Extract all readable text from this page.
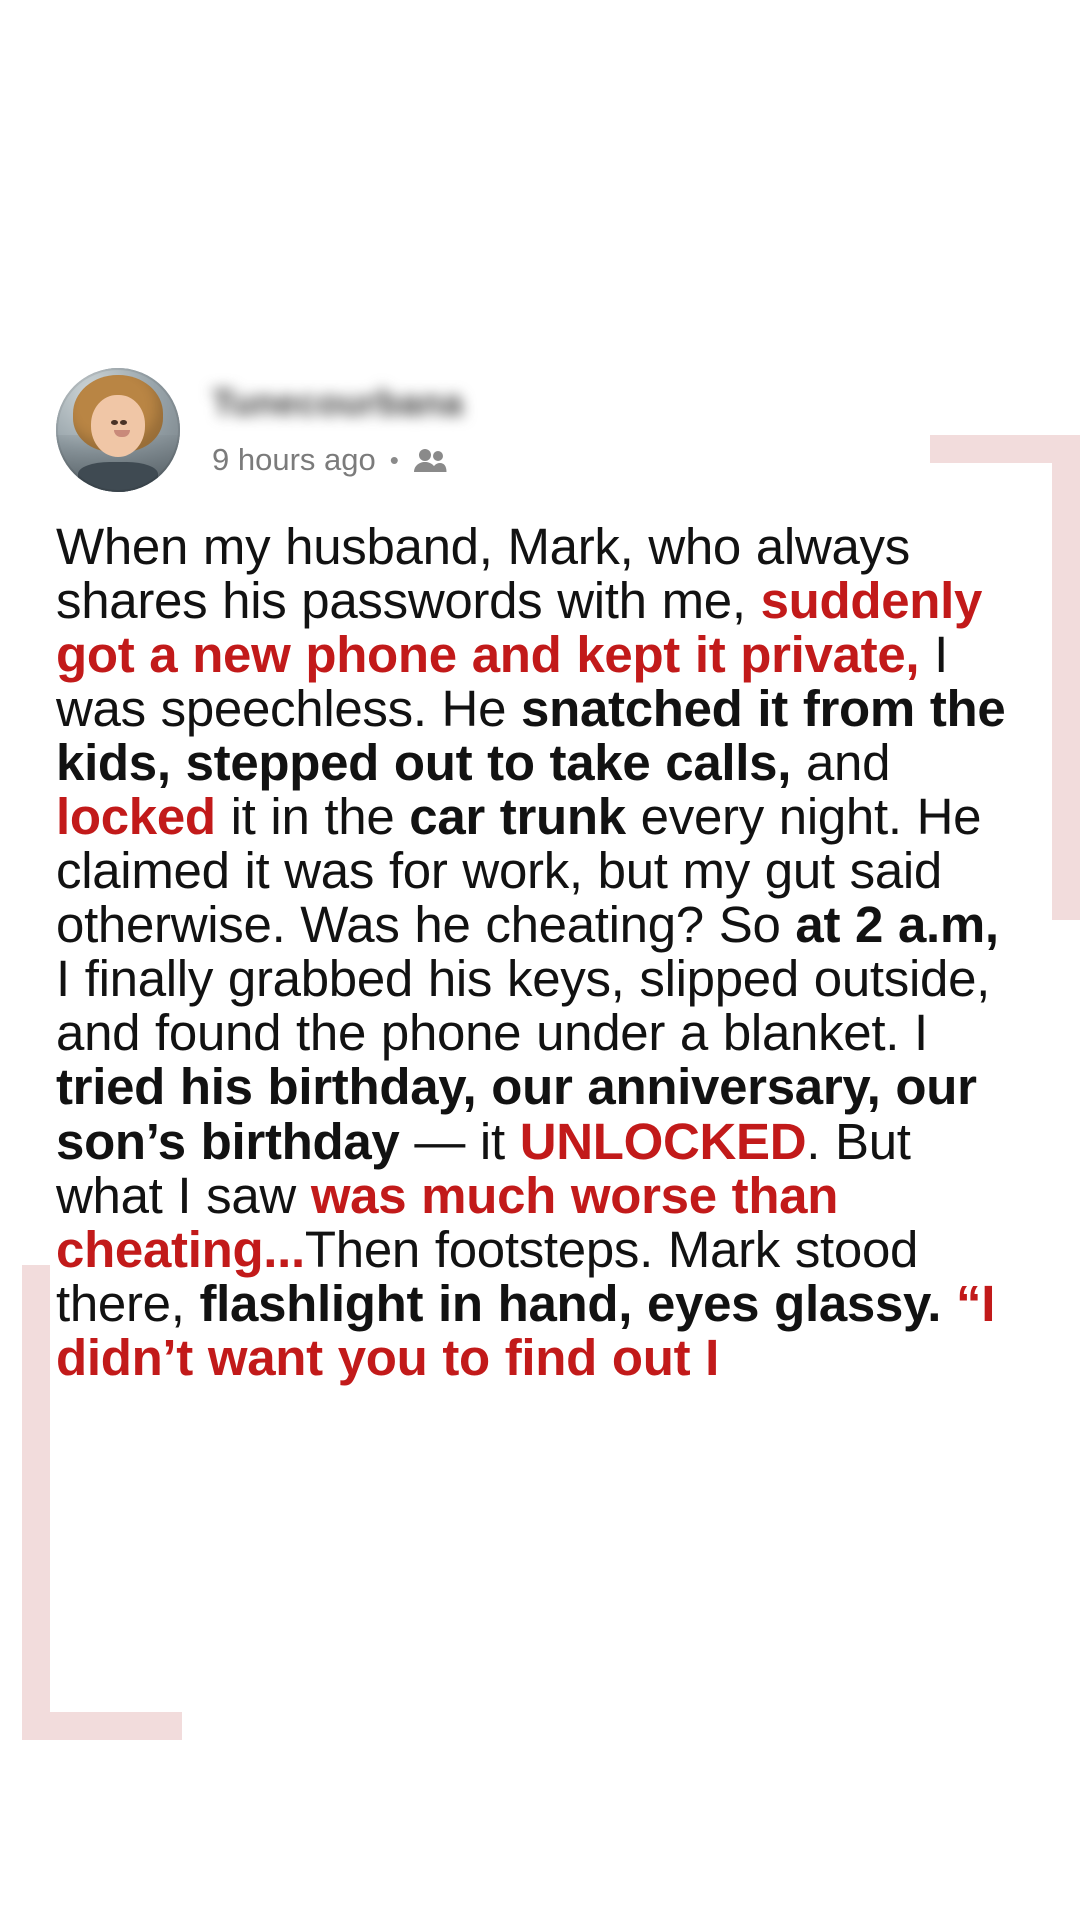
Tunecourbana
9 hours ago •
When my husband, Mark, who always shares his passwords with me, suddenly got a new phone and kept it private, I was speechless. He snatched it from the kids, stepped out to take calls, and locked it in the car trunk every night. He claimed it was for work, but my gut said otherwise. Was he cheating? So at 2 a.m, I finally grabbed his keys, slipped outside, and found the phone under a blanket. I tried his birthday, our anniversary, our son’s birthday — it UNLOCKED. But what I saw was much worse than cheating...Then footsteps. Mark stood there, flashlight in hand, eyes glassy. “I didn’t want you to find out I
